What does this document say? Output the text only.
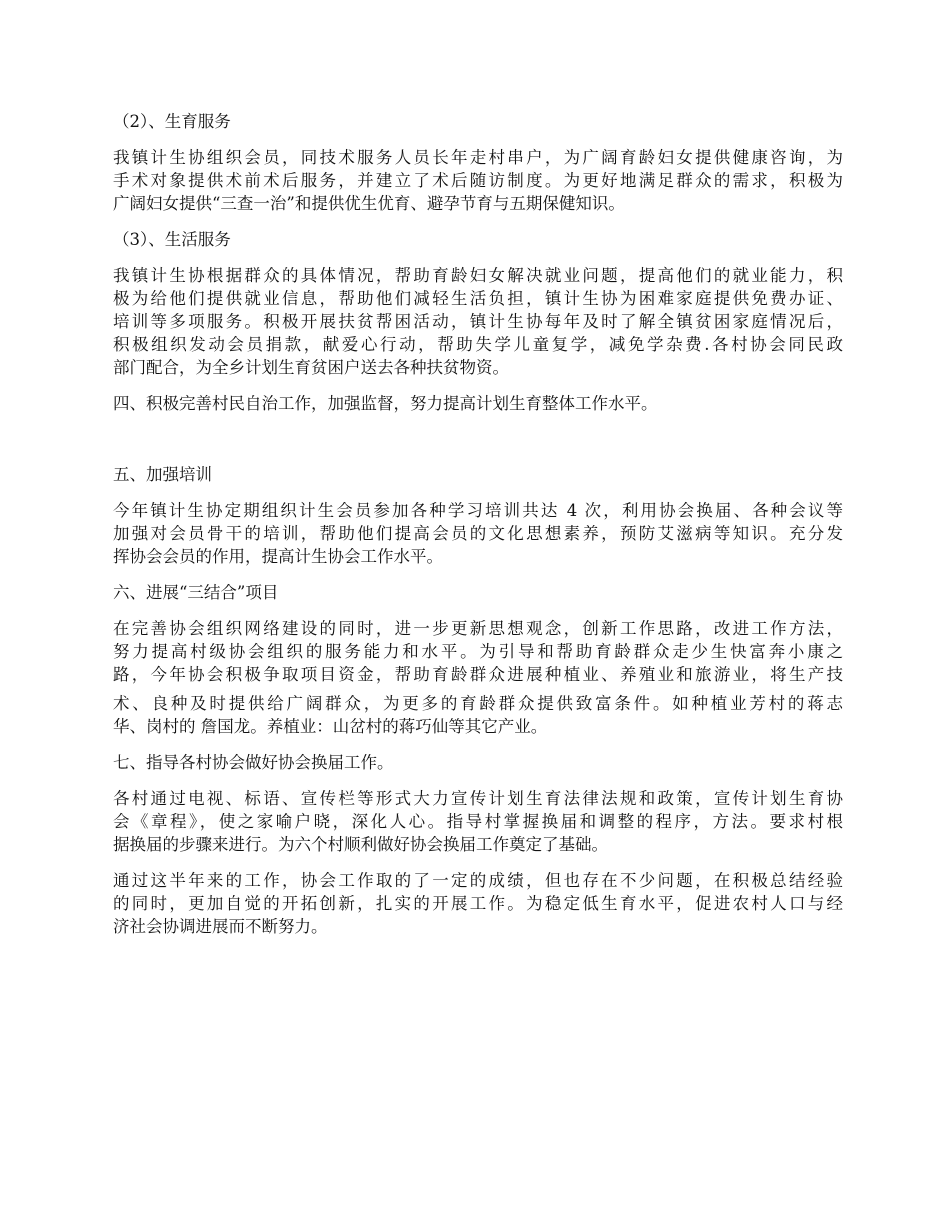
（2）、生育服务
我镇计生协组织会员，同技术服务人员长年走村串户，为广阔育龄妇女提供健康咨询，为
手术对象提供术前术后服务，并建立了术后随访制度。为更好地满足群众的需求，积极为
广阔妇女提供“三查一治”和提供优生优育、避孕节育与五期保健知识。
（3）、生活服务
我镇计生协根据群众的具体情况，帮助育龄妇女解决就业问题，提高他们的就业能力，积
极为给他们提供就业信息，帮助他们减轻生活负担，镇计生协为困难家庭提供免费办证、
培训等多项服务。积极开展扶贫帮困活动，镇计生协每年及时了解全镇贫困家庭情况后，
积极组织发动会员捐款，献爱心行动，帮助失学儿童复学，减免学杂费.各村协会同民政
部门配合，为全乡计划生育贫困户送去各种扶贫物资。
四、积极完善村民自治工作，加强监督，努力提高计划生育整体工作水平。
五、加强培训
今年镇计生协定期组织计生会员参加各种学习培训共达 4 次，利用协会换届、各种会议等
加强对会员骨干的培训，帮助他们提高会员的文化思想素养，预防艾滋病等知识。充分发
挥协会会员的作用，提高计生协会工作水平。
六、进展“三结合”项目
在完善协会组织网络建设的同时，进一步更新思想观念，创新工作思路，改进工作方法，
努力提高村级协会组织的服务能力和水平。为引导和帮助育龄群众走少生快富奔小康之
路，今年协会积极争取项目资金，帮助育龄群众进展种植业、养殖业和旅游业，将生产技
术、良种及时提供给广阔群众，为更多的育龄群众提供致富条件。如种植业芳村的蒋志
华、岗村的 詹国龙。养植业：山岔村的蒋巧仙等其它产业。
七、指导各村协会做好协会换届工作。
各村通过电视、标语、宣传栏等形式大力宣传计划生育法律法规和政策，宣传计划生育协
会《章程》，使之家喻户晓，深化人心。指导村掌握换届和调整的程序，方法。要求村根
据换届的步骤来进行。为六个村顺利做好协会换届工作奠定了基础。
通过这半年来的工作，协会工作取的了一定的成绩，但也存在不少问题，在积极总结经验
的同时，更加自觉的开拓创新，扎实的开展工作。为稳定低生育水平，促进农村人口与经
济社会协调进展而不断努力。
